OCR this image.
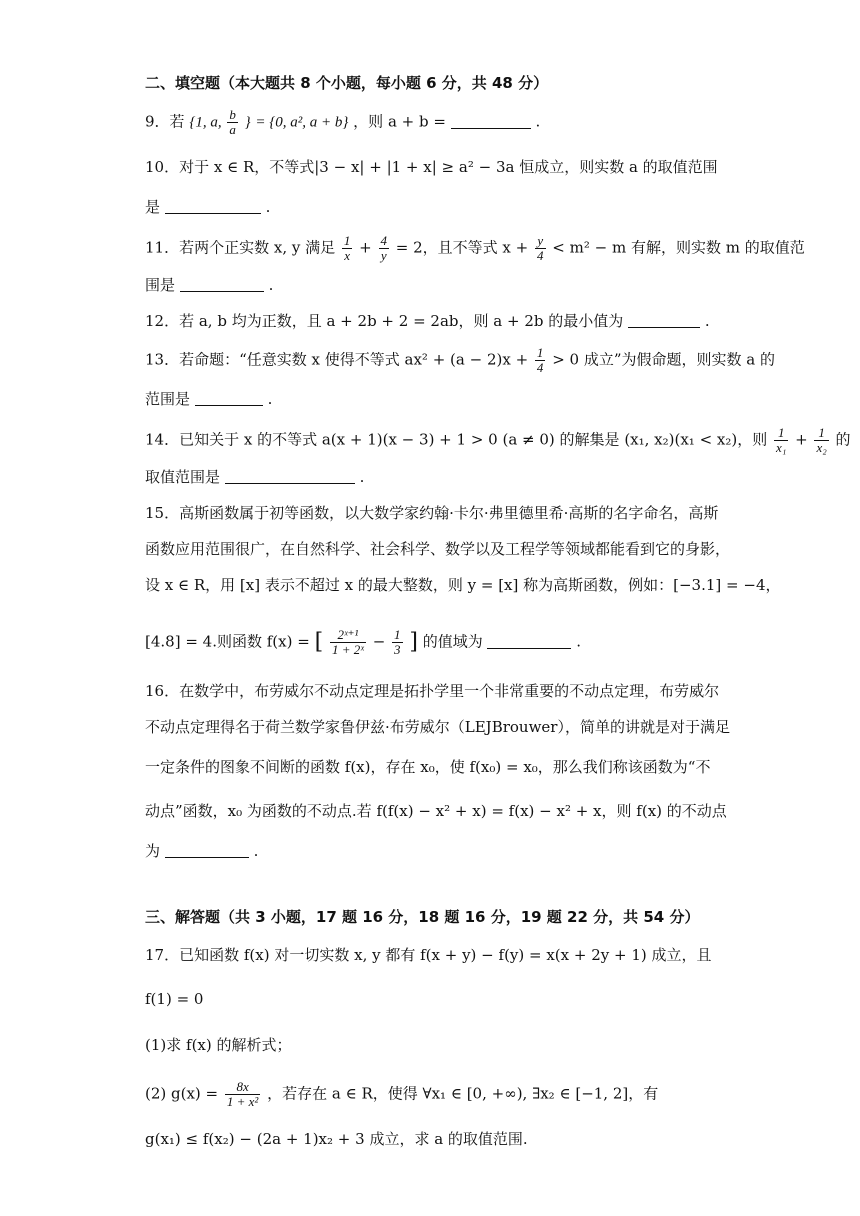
二、填空题（本大题共 8 个小题，每小题 6 分，共 48 分）
9．若 {1, a, $\frac{b}{a}$ } = {0, a², a + b} ，则 a + b =	.
10．对于 x ∈ R，不等式|3 − x| + |1 + x| ≥ a² − 3a 恒成立，则实数 a 的取值范围
是	.
11．若两个正实数 x, y 满足 $\frac{1}{x} + \frac{4}{y} = 2$，且不等式 $x + \frac{y}{4} < m^2 - m$ 有解，则实数 m 的取值范
围是	.
12．若 a, b 均为正数，且 a + 2b + 2 = 2ab，则 a + 2b 的最小值为	.
13．若命题：“任意实数 x 使得不等式 $ax^2 + (a - 2)x + \frac{1}{4} > 0$ 成立”为假命题，则实数 a 的
范围是	.
14．已知关于 x 的不等式 a(x + 1)(x − 3) + 1 > 0 (a ≠ 0) 的解集是 (x₁, x₂)(x₁ < x₂)，则 $\frac{1}{\text{x₁}} + \frac{1}{\text{x₂}}$ 的
取值范围是	.
15．高斯函数属于初等函数，以大数学家约翰·卡尔·弗里德里希·高斯的名字命名，高斯
函数应用范围很广，在自然科学、社会科学、数学以及工程学等领域都能看到它的身影，
设 x ∈ R，用 [x] 表示不超过 x 的最大整数，则 y = [x] 称为高斯函数，例如：[−3.1] = −4，
[4.8] = 4.则函数 f(x) = [ $\frac{\text{2ˣ⁺¹}}{\text{1 + 2ˣ}} - \frac{1}{3}$ ] 的值域为	.
16．在数学中，布劳威尔不动点定理是拓扑学里一个非常重要的不动点定理，布劳威尔
不动点定理得名于荷兰数学家鲁伊兹·布劳威尔（LEJBrouwer），简单的讲就是对于满足
一定条件的图象不间断的函数 f(x)，存在 x₀，使 f(x₀) = x₀，那么我们称该函数为“不
动点”函数，x₀ 为函数的不动点.若 f(f(x) − x² + x) = f(x) − x² + x，则 f(x) 的不动点
为	.
三、解答题（共 3 小题，17 题 16 分，18 题 16 分，19 题 22 分，共 54 分）
17．已知函数 f(x) 对一切实数 x, y 都有 f(x + y) − f(y) = x(x + 2y + 1) 成立，且
f(1) = 0
(1)求 f(x) 的解析式；
(2) $g(x) = \frac{8x}{\text{1 + x²}}$ ，若存在 a ∈ R，使得 ∀x₁ ∈ [0, +∞), ∃x₂ ∈ [−1, 2]，有
g(x₁) ≤ f(x₂) − (2a + 1)x₂ + 3 成立，求 a 的取值范围.
